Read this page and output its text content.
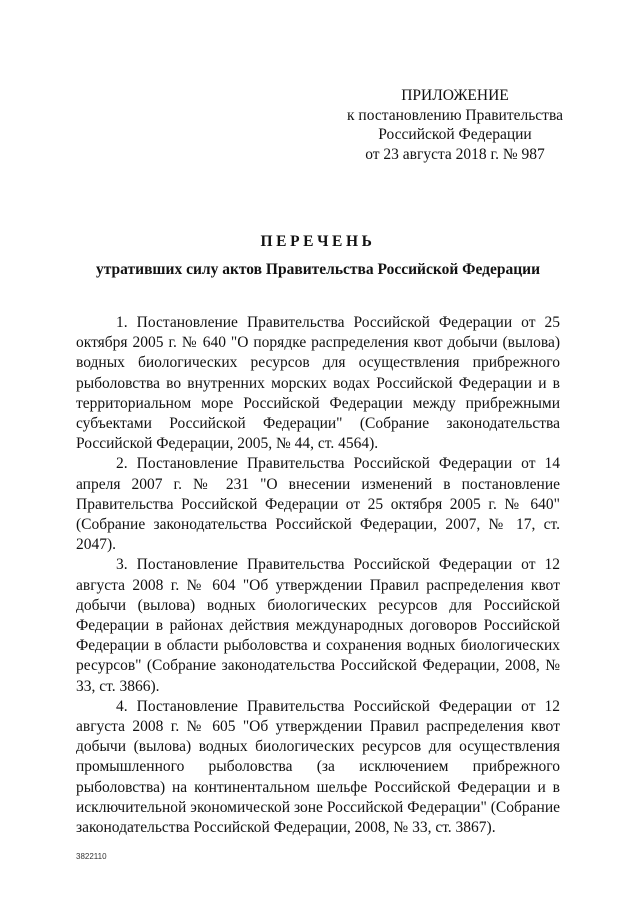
ПРИЛОЖЕНИЕ
к постановлению Правительства
Российской Федерации
от 23 августа 2018 г. № 987
ПЕРЕЧЕНЬ
утративших силу актов Правительства Российской Федерации

1. Постановление Правительства Российской Федерации от 25 октября 2005 г. № 640 "О порядке распределения квот добычи (вылова) водных биологических ресурсов для осуществления прибрежного рыболовства во внутренних морских водах Российской Федерации и в территориальном море Российской Федерации между прибрежными субъектами Российской Федерации" (Собрание законодательства Российской Федерации, 2005, № 44, ст. 4564).

2. Постановление Правительства Российской Федерации от 14 апреля 2007 г. № 231 "О внесении изменений в постановление Правительства Российской Федерации от 25 октября 2005 г. № 640" (Собрание законодательства Российской Федерации, 2007, № 17, ст. 2047).

3. Постановление Правительства Российской Федерации от 12 августа 2008 г. № 604 "Об утверждении Правил распределения квот добычи (вылова) водных биологических ресурсов для Российской Федерации в районах действия международных договоров Российской Федерации в области рыболовства и сохранения водных биологических ресурсов" (Собрание законодательства Российской Федерации, 2008, № 33, ст. 3866).

4. Постановление Правительства Российской Федерации от 12 августа 2008 г. № 605 "Об утверждении Правил распределения квот добычи (вылова) водных биологических ресурсов для осуществления промышленного рыболовства (за исключением прибрежного рыболовства) на континентальном шельфе Российской Федерации и в исключительной экономической зоне Российской Федерации" (Собрание законодательства Российской Федерации, 2008, № 33, ст. 3867).

3822110
